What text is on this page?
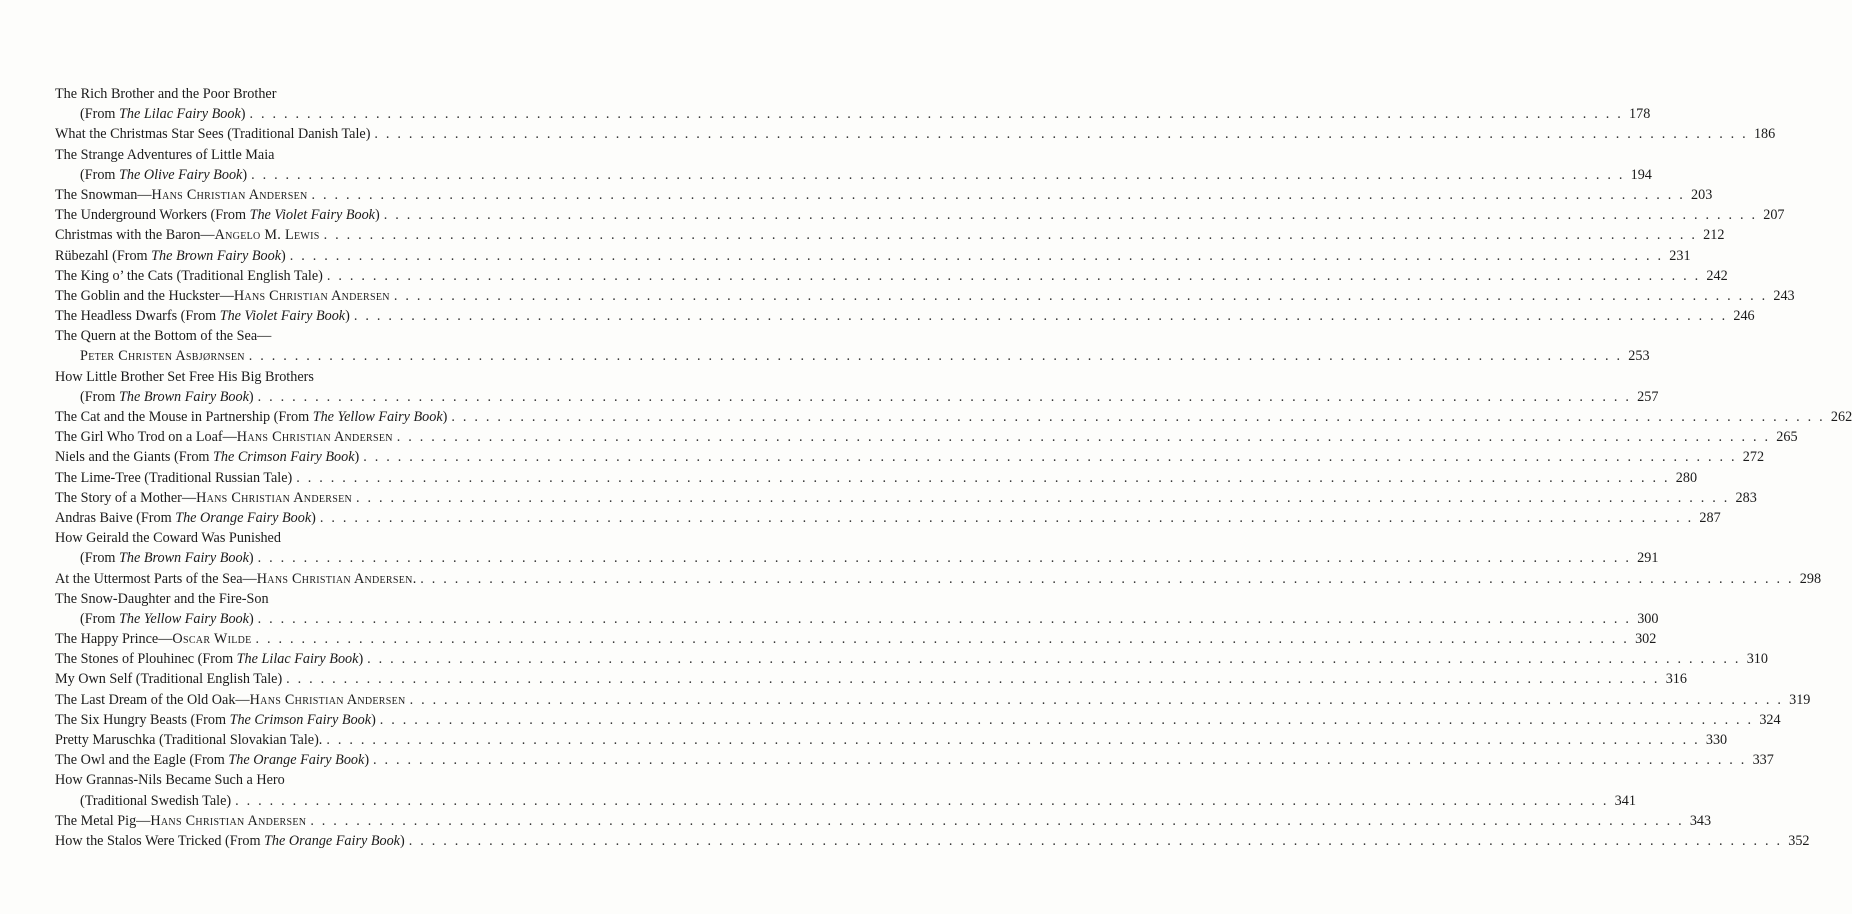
The Rich Brother and the Poor Brother
(From The Lilac Fairy Book) . . . . . . . . . . . . . . . . . . . . . . . . . . . . . . . . . . . . . . . . . . . . . . . . . . . . . . . . . . . . . . . . . . . . . . . . . . . . . . . . . . . . . . . . . . . . . . . . . . . . . . . . . . . . . . . . . . . . . . . . 178
What the Christmas Star Sees (Traditional Danish Tale) . . . . . . . . . . . . . . . . . . . . . . . . . . . . . . . . . . . . . . . . . . . . . . . . . . . . . . . . . . . . . . . . . . . . . . . . . . . . . . . . . . . . . . . . . . . . . . . . . . . . . . . . . . . . . . . . . . . . . . . . 186
The Strange Adventures of Little Maia
(From The Olive Fairy Book) . . . . . . . . . . . . . . . . . . . . . . . . . . . . . . . . . . . . . . . . . . . . . . . . . . . . . . . . . . . . . . . . . . . . . . . . . . . . . . . . . . . . . . . . . . . . . . . . . . . . . . . . . . . . . . . . . . . . . . . . 194
The Snowman—Hans Christian Andersen . . . . . . . . . . . . . . . . . . . . . . . . . . . . . . . . . . . . . . . . . . . . . . . . . . . . . . . . . . . . . . . . . . . . . . . . . . . . . . . . . . . . . . . . . . . . . . . . . . . . . . . . . . . . . . . . . . . . . . . . 203
The Underground Workers (From The Violet Fairy Book) . . . . . . . . . . . . . . . . . . . . . . . . . . . . . . . . . . . . . . . . . . . . . . . . . . . . . . . . . . . . . . . . . . . . . . . . . . . . . . . . . . . . . . . . . . . . . . . . . . . . . . . . . . . . . . . . . . . . . . . . 207
Christmas with the Baron—Angelo M. Lewis . . . . . . . . . . . . . . . . . . . . . . . . . . . . . . . . . . . . . . . . . . . . . . . . . . . . . . . . . . . . . . . . . . . . . . . . . . . . . . . . . . . . . . . . . . . . . . . . . . . . . . . . . . . . . . . . . . . . . . . . 212
Rübezahl (From The Brown Fairy Book) . . . . . . . . . . . . . . . . . . . . . . . . . . . . . . . . . . . . . . . . . . . . . . . . . . . . . . . . . . . . . . . . . . . . . . . . . . . . . . . . . . . . . . . . . . . . . . . . . . . . . . . . . . . . . . . . . . . . . . . . 231
The King o’ the Cats (Traditional English Tale) . . . . . . . . . . . . . . . . . . . . . . . . . . . . . . . . . . . . . . . . . . . . . . . . . . . . . . . . . . . . . . . . . . . . . . . . . . . . . . . . . . . . . . . . . . . . . . . . . . . . . . . . . . . . . . . . . . . . . . . . 242
The Goblin and the Huckster—Hans Christian Andersen . . . . . . . . . . . . . . . . . . . . . . . . . . . . . . . . . . . . . . . . . . . . . . . . . . . . . . . . . . . . . . . . . . . . . . . . . . . . . . . . . . . . . . . . . . . . . . . . . . . . . . . . . . . . . . . . . . . . . . . . 243
The Headless Dwarfs (From The Violet Fairy Book) . . . . . . . . . . . . . . . . . . . . . . . . . . . . . . . . . . . . . . . . . . . . . . . . . . . . . . . . . . . . . . . . . . . . . . . . . . . . . . . . . . . . . . . . . . . . . . . . . . . . . . . . . . . . . . . . . . . . . . . . 246
The Quern at the Bottom of the Sea—
Peter Christen Asbjørnsen . . . . . . . . . . . . . . . . . . . . . . . . . . . . . . . . . . . . . . . . . . . . . . . . . . . . . . . . . . . . . . . . . . . . . . . . . . . . . . . . . . . . . . . . . . . . . . . . . . . . . . . . . . . . . . . . . . . . . . . . 253
How Little Brother Set Free His Big Brothers
(From The Brown Fairy Book) . . . . . . . . . . . . . . . . . . . . . . . . . . . . . . . . . . . . . . . . . . . . . . . . . . . . . . . . . . . . . . . . . . . . . . . . . . . . . . . . . . . . . . . . . . . . . . . . . . . . . . . . . . . . . . . . . . . . . . . . 257
The Cat and the Mouse in Partnership (From The Yellow Fairy Book) . . . . . . . . . . . . . . . . . . . . . . . . . . . . . . . . . . . . . . . . . . . . . . . . . . . . . . . . . . . . . . . . . . . . . . . . . . . . . . . . . . . . . . . . . . . . . . . . . . . . . . . . . . . . . . . . . . . . . . . . 262
The Girl Who Trod on a Loaf—Hans Christian Andersen . . . . . . . . . . . . . . . . . . . . . . . . . . . . . . . . . . . . . . . . . . . . . . . . . . . . . . . . . . . . . . . . . . . . . . . . . . . . . . . . . . . . . . . . . . . . . . . . . . . . . . . . . . . . . . . . . . . . . . . . 265
Niels and the Giants (From The Crimson Fairy Book) . . . . . . . . . . . . . . . . . . . . . . . . . . . . . . . . . . . . . . . . . . . . . . . . . . . . . . . . . . . . . . . . . . . . . . . . . . . . . . . . . . . . . . . . . . . . . . . . . . . . . . . . . . . . . . . . . . . . . . . . 272
The Lime-Tree (Traditional Russian Tale) . . . . . . . . . . . . . . . . . . . . . . . . . . . . . . . . . . . . . . . . . . . . . . . . . . . . . . . . . . . . . . . . . . . . . . . . . . . . . . . . . . . . . . . . . . . . . . . . . . . . . . . . . . . . . . . . . . . . . . . . 280
The Story of a Mother—Hans Christian Andersen . . . . . . . . . . . . . . . . . . . . . . . . . . . . . . . . . . . . . . . . . . . . . . . . . . . . . . . . . . . . . . . . . . . . . . . . . . . . . . . . . . . . . . . . . . . . . . . . . . . . . . . . . . . . . . . . . . . . . . . . 283
Andras Baive (From The Orange Fairy Book) . . . . . . . . . . . . . . . . . . . . . . . . . . . . . . . . . . . . . . . . . . . . . . . . . . . . . . . . . . . . . . . . . . . . . . . . . . . . . . . . . . . . . . . . . . . . . . . . . . . . . . . . . . . . . . . . . . . . . . . . 287
How Geirald the Coward Was Punished
(From The Brown Fairy Book) . . . . . . . . . . . . . . . . . . . . . . . . . . . . . . . . . . . . . . . . . . . . . . . . . . . . . . . . . . . . . . . . . . . . . . . . . . . . . . . . . . . . . . . . . . . . . . . . . . . . . . . . . . . . . . . . . . . . . . . . 291
At the Uttermost Parts of the Sea—Hans Christian Andersen. . . . . . . . . . . . . . . . . . . . . . . . . . . . . . . . . . . . . . . . . . . . . . . . . . . . . . . . . . . . . . . . . . . . . . . . . . . . . . . . . . . . . . . . . . . . . . . . . . . . . . . . . . . . . . . . . . . . . . . . . 298
The Snow-Daughter and the Fire-Son
(From The Yellow Fairy Book) . . . . . . . . . . . . . . . . . . . . . . . . . . . . . . . . . . . . . . . . . . . . . . . . . . . . . . . . . . . . . . . . . . . . . . . . . . . . . . . . . . . . . . . . . . . . . . . . . . . . . . . . . . . . . . . . . . . . . . . . 300
The Happy Prince—Oscar Wilde . . . . . . . . . . . . . . . . . . . . . . . . . . . . . . . . . . . . . . . . . . . . . . . . . . . . . . . . . . . . . . . . . . . . . . . . . . . . . . . . . . . . . . . . . . . . . . . . . . . . . . . . . . . . . . . . . . . . . . . . 302
The Stones of Plouhinec (From The Lilac Fairy Book) . . . . . . . . . . . . . . . . . . . . . . . . . . . . . . . . . . . . . . . . . . . . . . . . . . . . . . . . . . . . . . . . . . . . . . . . . . . . . . . . . . . . . . . . . . . . . . . . . . . . . . . . . . . . . . . . . . . . . . . . 310
My Own Self (Traditional English Tale) . . . . . . . . . . . . . . . . . . . . . . . . . . . . . . . . . . . . . . . . . . . . . . . . . . . . . . . . . . . . . . . . . . . . . . . . . . . . . . . . . . . . . . . . . . . . . . . . . . . . . . . . . . . . . . . . . . . . . . . . 316
The Last Dream of the Old Oak—Hans Christian Andersen . . . . . . . . . . . . . . . . . . . . . . . . . . . . . . . . . . . . . . . . . . . . . . . . . . . . . . . . . . . . . . . . . . . . . . . . . . . . . . . . . . . . . . . . . . . . . . . . . . . . . . . . . . . . . . . . . . . . . . . . 319
The Six Hungry Beasts (From The Crimson Fairy Book) . . . . . . . . . . . . . . . . . . . . . . . . . . . . . . . . . . . . . . . . . . . . . . . . . . . . . . . . . . . . . . . . . . . . . . . . . . . . . . . . . . . . . . . . . . . . . . . . . . . . . . . . . . . . . . . . . . . . . . . . 324
Pretty Maruschka (Traditional Slovakian Tale). . . . . . . . . . . . . . . . . . . . . . . . . . . . . . . . . . . . . . . . . . . . . . . . . . . . . . . . . . . . . . . . . . . . . . . . . . . . . . . . . . . . . . . . . . . . . . . . . . . . . . . . . . . . . . . . . . . . . . . . . 330
The Owl and the Eagle (From The Orange Fairy Book) . . . . . . . . . . . . . . . . . . . . . . . . . . . . . . . . . . . . . . . . . . . . . . . . . . . . . . . . . . . . . . . . . . . . . . . . . . . . . . . . . . . . . . . . . . . . . . . . . . . . . . . . . . . . . . . . . . . . . . . . 337
How Grannas-Nils Became Such a Hero
(Traditional Swedish Tale) . . . . . . . . . . . . . . . . . . . . . . . . . . . . . . . . . . . . . . . . . . . . . . . . . . . . . . . . . . . . . . . . . . . . . . . . . . . . . . . . . . . . . . . . . . . . . . . . . . . . . . . . . . . . . . . . . . . . . . . . 341
The Metal Pig—Hans Christian Andersen . . . . . . . . . . . . . . . . . . . . . . . . . . . . . . . . . . . . . . . . . . . . . . . . . . . . . . . . . . . . . . . . . . . . . . . . . . . . . . . . . . . . . . . . . . . . . . . . . . . . . . . . . . . . . . . . . . . . . . . . 343
How the Stalos Were Tricked (From The Orange Fairy Book) . . . . . . . . . . . . . . . . . . . . . . . . . . . . . . . . . . . . . . . . . . . . . . . . . . . . . . . . . . . . . . . . . . . . . . . . . . . . . . . . . . . . . . . . . . . . . . . . . . . . . . . . . . . . . . . . . . . . . . . . 352
